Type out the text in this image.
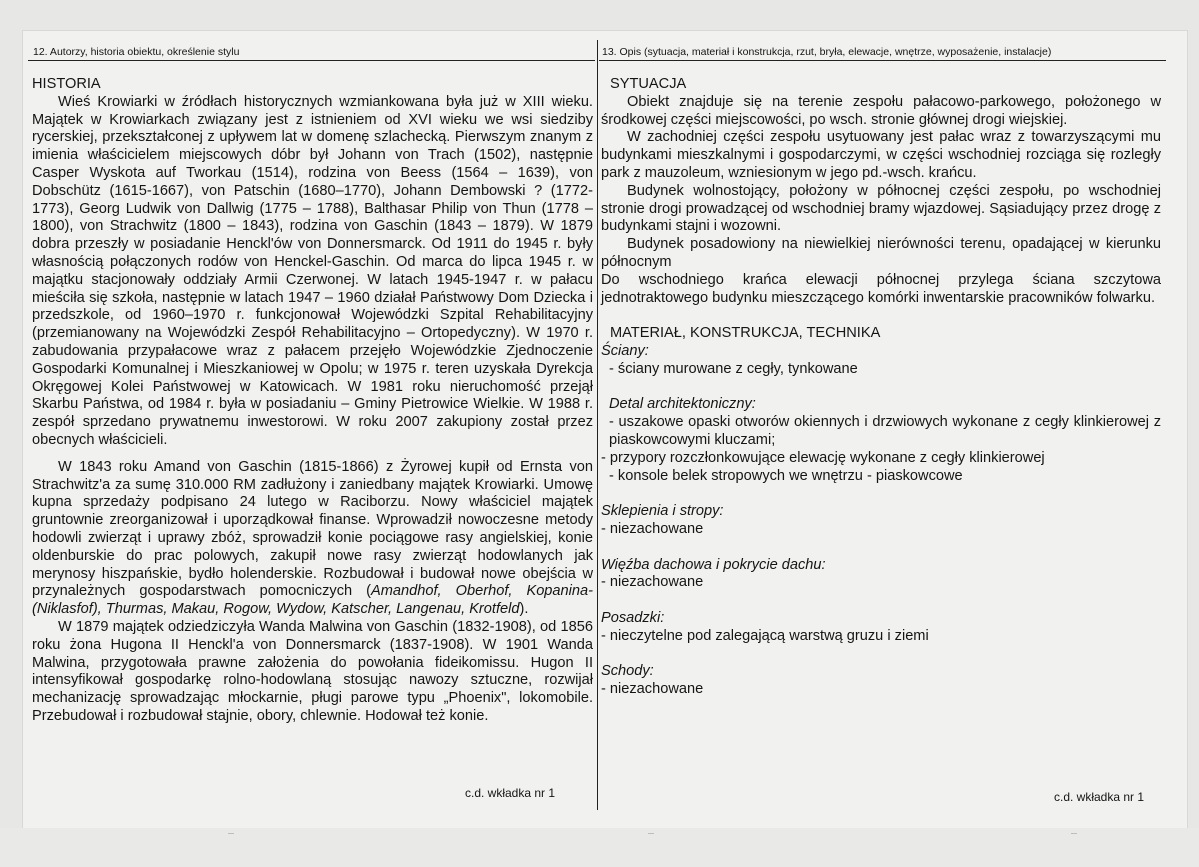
12. Autorzy, historia obiektu, określenie stylu	13. Opis (sytuacja, materiał i konstrukcja, rzut, bryła, elewacje, wnętrze, wyposażenie, instalacje)

HISTORIA

Wieś Krowiarki w źródłach historycznych wzmiankowana była już w XIII wieku. Majątek w Krowiarkach związany jest z istnieniem od XVI wieku we wsi siedziby rycerskiej, przekształconej z upływem lat w domenę szlachecką. Pierwszym znanym z imienia właścicielem miejscowych dóbr był Johann von Trach (1502), następnie Casper Wyskota auf Tworkau (1514), rodzina von Beess (1564 – 1639), von Dobschütz (1615-1667), von Patschin (1680–1770), Johann Dembowski ? (1772-1773), Georg Ludwik von Dallwig (1775 – 1788), Balthasar Philip von Thun (1778 – 1800), von Strachwitz (1800 – 1843), rodzina von Gaschin (1843 – 1879). W 1879 dobra przeszły w posiadanie Henckl'ów von Donnersmarck. Od 1911 do 1945 r. były własnością połączonych rodów von Henckel-Gaschin. Od marca do lipca 1945 r. w majątku stacjonowały oddziały Armii Czerwonej. W latach 1945-1947 r. w pałacu mieściła się szkoła, następnie w latach 1947 – 1960 działał Państwowy Dom Dziecka i przedszkole, od 1960–1970 r. funkcjonował Wojewódzki Szpital Rehabilitacyjny (przemianowany na Wojewódzki Zespół Rehabilitacyjno – Ortopedyczny). W 1970 r. zabudowania przypałacowe wraz z pałacem przejęło Wojewódzkie Zjednoczenie Gospodarki Komunalnej i Mieszkaniowej w Opolu; w 1975 r. teren uzyskała Dyrekcja Okręgowej Kolei Państwowej w Katowicach. W 1981 roku nieruchomość przejął Skarbu Państwa, od 1984 r. była w posiadaniu – Gminy Pietrowice Wielkie. W 1988 r. zespół sprzedano prywatnemu inwestorowi. W roku 2007 zakupiony został przez obecnych właścicieli.

W 1843 roku Amand von Gaschin (1815-1866) z Żyrowej kupił od Ernsta von Strachwitz'a za sumę 310.000 RM zadłużony i zaniedbany majątek Krowiarki. Umowę kupna sprzedaży podpisano 24 lutego w Raciborzu. Nowy właściciel majątek gruntownie zreorganizował i uporządkował finanse. Wprowadził nowoczesne metody hodowli zwierząt i uprawy zbóż, sprowadził konie pociągowe rasy angielskiej, konie oldenburskie do prac polowych, zakupił nowe rasy zwierząt hodowlanych jak merynosy hiszpańskie, bydło holenderskie. Rozbudował i budował nowe obejścia w przynależnych gospodarstwach pomocniczych (Amandhof, Oberhof, Kopanina-(Niklasfof), Thurmas, Makau, Rogow, Wydow, Katscher, Langenau, Krotfeld).

W 1879 majątek odziedziczyła Wanda Malwina von Gaschin (1832-1908), od 1856 roku żona Hugona II Henckl'a von Donnersmarck (1837-1908). W 1901 Wanda Malwina, przygotowała prawne założenia do powołania fideikomissu. Hugon II intensyfikował gospodarkę rolno-hodowlaną stosując nawozy sztuczne, rozwijał mechanizację sprowadzając młockarnie, pługi parowe typu „Phoenix", lokomobile. Przebudował i rozbudował stajnie, obory, chlewnie. Hodował też konie.

c.d. wkładka nr 1

SYTUACJA

Obiekt znajduje się na terenie zespołu pałacowo-parkowego, położonego w środkowej części miejscowości, po wsch. stronie głównej drogi wiejskiej.

W zachodniej części zespołu usytuowany jest pałac wraz z towarzyszącymi mu budynkami mieszkalnymi i gospodarczymi, w części wschodniej rozciąga się rozległy park z mauzoleum, wzniesionym w jego pd.-wsch. krańcu.

Budynek wolnostojący, położony w północnej części zespołu, po wschodniej stronie drogi prowadzącej od wschodniej bramy wjazdowej. Sąsiadujący przez drogę z budynkami stajni i wozowni.

Budynek posadowiony na niewielkiej nierówności terenu, opadającej w kierunku północnym

Do wschodniego krańca elewacji północnej przylega ściana szczytowa jednotraktowego budynku mieszczącego komórki inwentarskie pracowników folwarku.

MATERIAŁ, KONSTRUKCJA, TECHNIKA

Ściany:

- ściany murowane z cegły, tynkowane

Detal architektoniczny:

- uszakowe opaski otworów okiennych i drzwiowych wykonane z cegły klinkierowej z piaskowcowymi kluczami;

- przypory rozczłonkowujące elewację wykonane z cegły klinkierowej

- konsole belek stropowych we wnętrzu - piaskowcowe

Sklepienia i stropy:

- niezachowane

Więźba dachowa i pokrycie dachu:

- niezachowane

Posadzki:

- nieczytelne pod zalegającą warstwą gruzu i ziemi

Schody:

- niezachowane

c.d. wkładka nr 1
